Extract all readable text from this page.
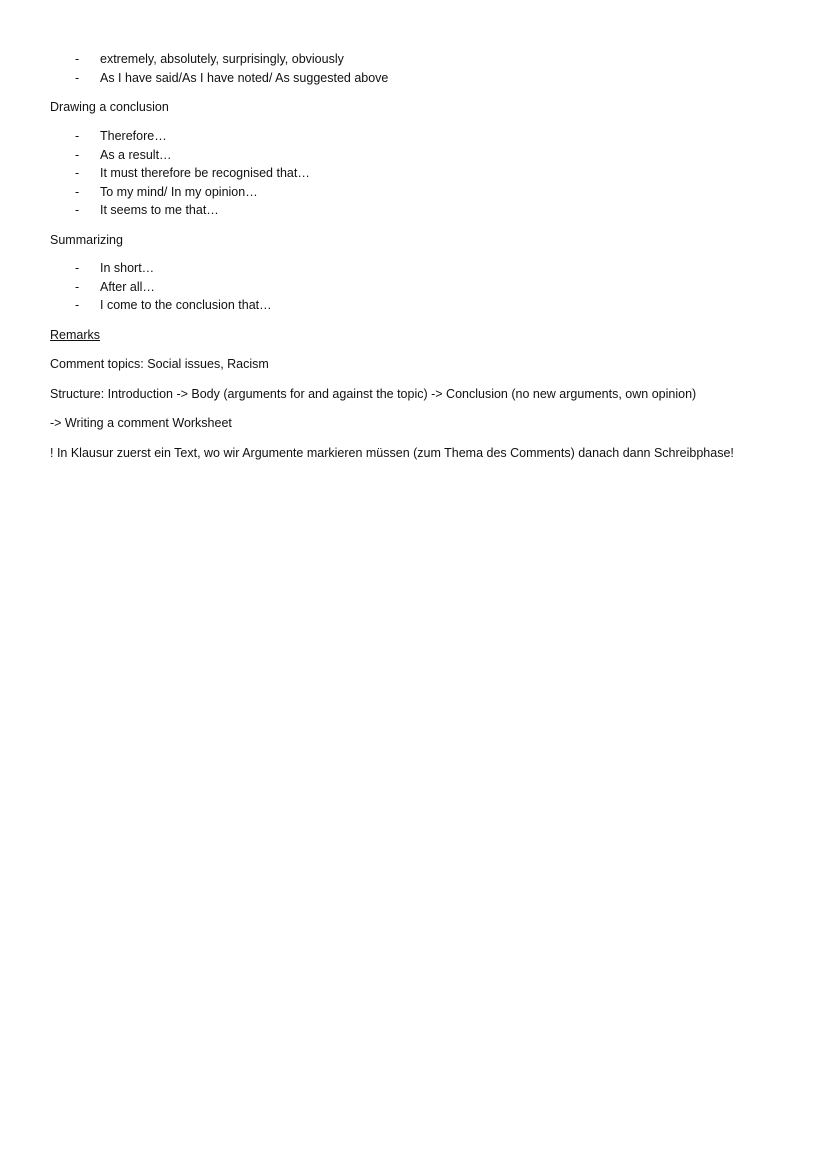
- extremely, absolutely, surprisingly, obviously
- As I have said/As I have noted/ As suggested above
Drawing a conclusion
- Therefore…
- As a result…
- It must therefore be recognised that…
- To my mind/ In my opinion…
- It seems to me that…
Summarizing
- In short…
- After all…
- I come to the conclusion that…
Remarks
Comment topics: Social issues, Racism
Structure: Introduction -> Body (arguments for and against the topic) -> Conclusion (no new arguments, own opinion)
-> Writing a comment Worksheet
! In Klausur zuerst ein Text, wo wir Argumente markieren müssen (zum Thema des Comments) danach dann Schreibphase!
